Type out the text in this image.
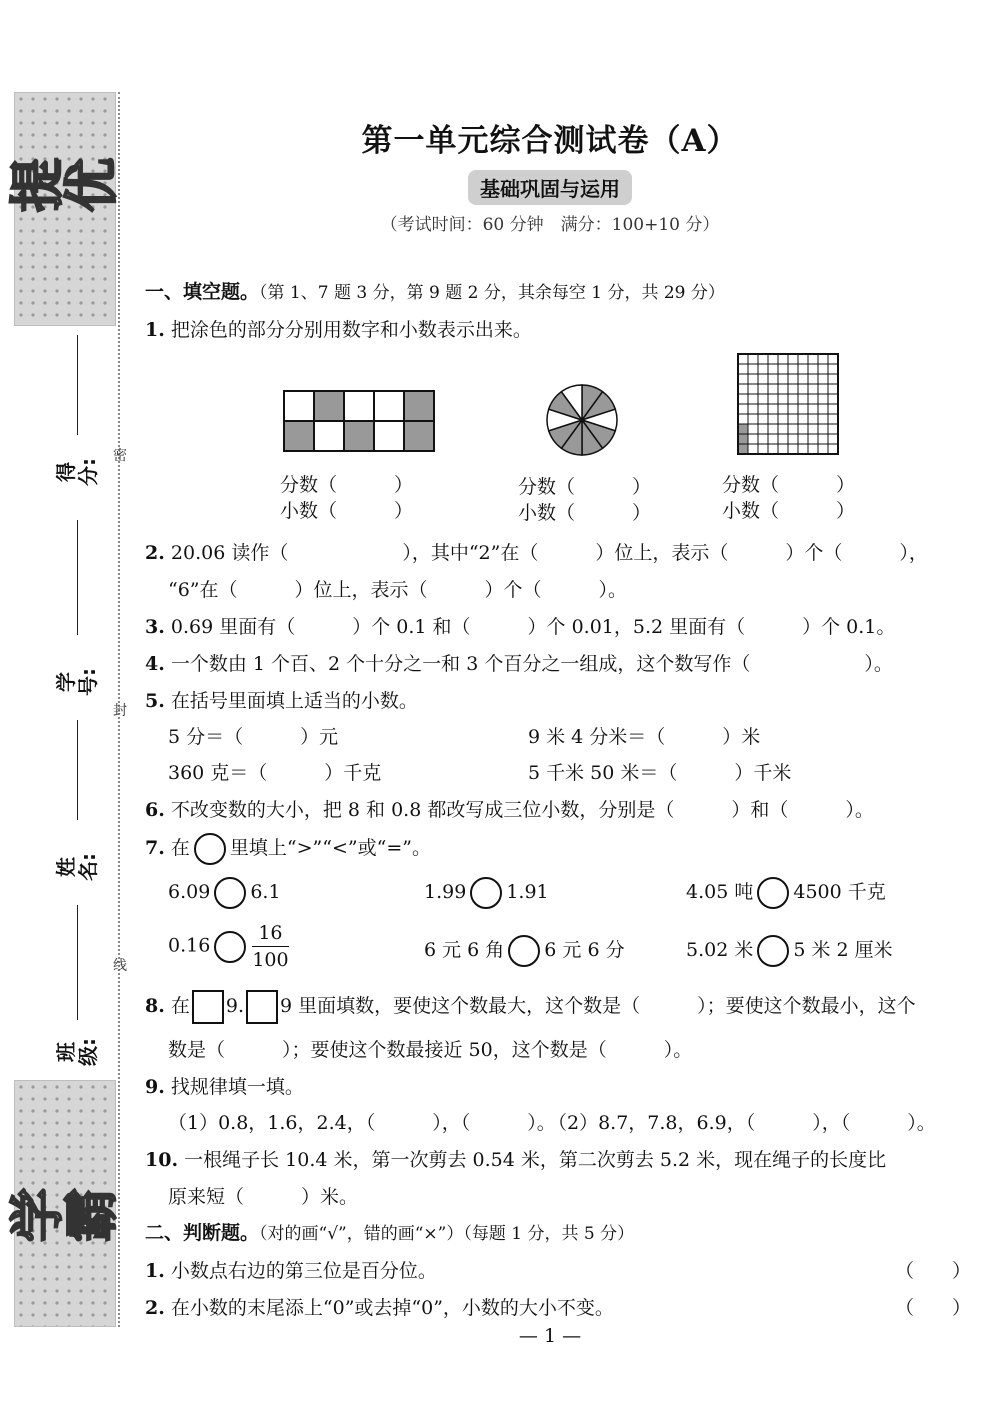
提优
学霸
密
封
线
得分:
学号:
姓名:
班级:
第一单元综合测试卷（A）
基础巩固与运用
（考试时间：60 分钟　满分：100+10 分）
一、填空题。（第 1、7 题 3 分，第 9 题 2 分，其余每空 1 分，共 29 分）
1. 把涂色的部分分别用数字和小数表示出来。
分数（　　　）
小数（　　　）
分数（　　　）
小数（　　　）
分数（　　　）
小数（　　　）
2. 20.06 读作（　　　　　　），其中“2”在（　　　）位上，表示（　　　）个（　　　），
“6”在（　　　）位上，表示（　　　）个（　　　）。
3. 0.69 里面有（　　　）个 0.1 和（　　　）个 0.01，5.2 里面有（　　　）个 0.1。
4. 一个数由 1 个百、2 个十分之一和 3 个百分之一组成，这个数写作（　　　　　　）。
5. 在括号里面填上适当的小数。
5 分＝（　　　）元	9 米 4 分米＝（　　　）米
360 克＝（　　　）千克	5 千米 50 米＝（　　　）千米
6. 不改变数的大小，把 8 和 0.8 都改写成三位小数，分别是（　　　）和（　　　）。
7. 在 里填上“>”“<”或“=”。
6.09 6.1	1.99 1.91	4.05 吨 4500 千克
$0.16 \frac{16}{100}$	6 元 6 角 6 元 6 分	5.02 米 5 米 2 厘米
8. 在 9. 9 里面填数，要使这个数最大，这个数是（　　　）；要使这个数最小，这个
数是（　　　）；要使这个数最接近 50，这个数是（　　　）。
9. 找规律填一填。
（1）0.8，1.6，2.4，（　　　），（　　　）。
（2）8.7，7.8，6.9，（　　　），（　　　）。
10. 一根绳子长 10.4 米，第一次剪去 0.54 米，第二次剪去 5.2 米，现在绳子的长度比
原来短（　　　）米。
二、判断题。（对的画“√”，错的画“×”）（每题 1 分，共 5 分）
1. 小数点右边的第三位是百分位。	（　　）
2. 在小数的末尾添上“0”或去掉“0”，小数的大小不变。	（　　）
— 1 —
